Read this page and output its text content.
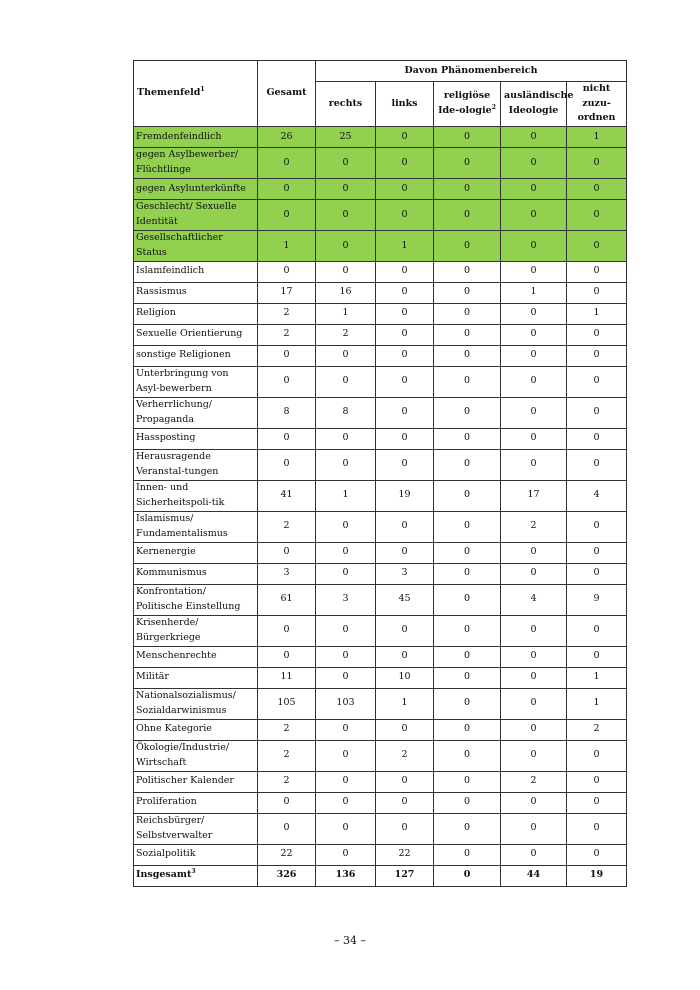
Themenfeld$^1$	Gesamt	Davon Phänomenbereich				
		rechts	links	religiöse Ide-ologie$^2$	ausländische Ideologie	nicht zuzu-ordnen
Fremdenfeindlich	26	25	0	0	0	1
gegen Asylbewerber/ Flüchtlinge	0	0	0	0	0	0
gegen Asylunterkünfte	0	0	0	0	0	0
Geschlecht/ Sexuelle Identität	0	0	0	0	0	0
Gesellschaftlicher Status	1	0	1	0	0	0
Islamfeindlich	0	0	0	0	0	0
Rassismus	17	16	0	0	1	0
Religion	2	1	0	0	0	1
Sexuelle Orientierung	2	2	0	0	0	0
sonstige Religionen	0	0	0	0	0	0
Unterbringung von Asyl-bewerbern	0	0	0	0	0	0
Verherrlichung/ Propaganda	8	8	0	0	0	0
Hassposting	0	0	0	0	0	0
Herausragende Veranstal-tungen	0	0	0	0	0	0
Innen- und Sicherheitspoli-tik	41	1	19	0	17	4
Islamismus/ Fundamentalismus	2	0	0	0	2	0
Kernenergie	0	0	0	0	0	0
Kommunismus	3	0	3	0	0	0
Konfrontation/ Politische Einstellung	61	3	45	0	4	9
Krisenherde/ Bürgerkriege	0	0	0	0	0	0
Menschenrechte	0	0	0	0	0	0
Militär	11	0	10	0	0	1
Nationalsozialismus/ Sozialdarwinismus	105	103	1	0	0	1
Ohne Kategorie	2	0	0	0	0	2
Ökologie/Industrie/ Wirtschaft	2	0	2	0	0	0
Politischer Kalender	2	0	0	0	2	0
Proliferation	0	0	0	0	0	0
Reichsbürger/ Selbstverwalter	0	0	0	0	0	0
Sozialpolitik	22	0	22	0	0	0
Insgesamt$^3$	326	136	127	0	44	19
– 34 –
